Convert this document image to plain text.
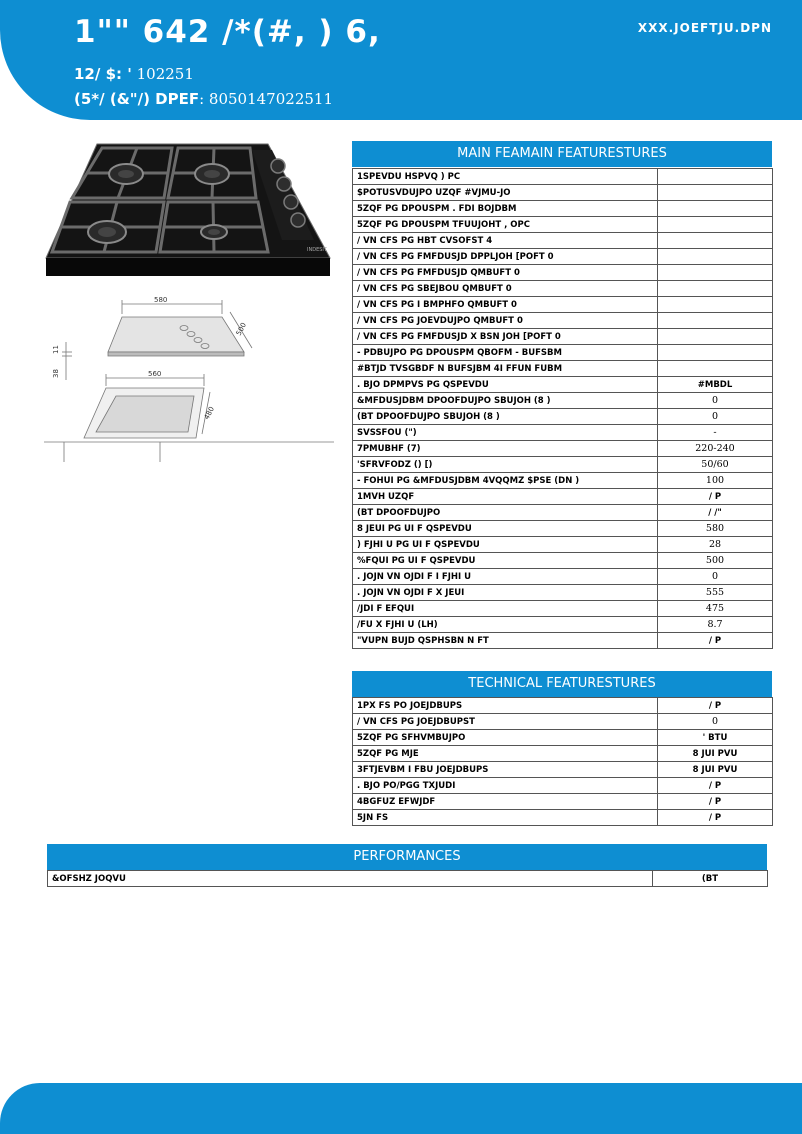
1"" 642 /*(#, ) 6,
12/ $: ' 102251
(5*/ (&"/) DPEF: 8050147022511
INDESIT
580
500
38
11
560
480
MAIN FEAMAIN FEATURESTURES
1SPEVDU HSPVQ ) PC	
$POTUSVDUJPO UZQF #VJMU-JO	
5ZQF PG DPOUSPM . FDI BOJDBM	
5ZQF PG DPOUSPM TFUUJOHT , OPC	
/ VN CFS PG HBT CVSOFST 4	
/ VN CFS PG FMFDUSJD DPPLJOH [POFT 0	
/ VN CFS PG FMFDUSJD QMBUFT 0	
/ VN CFS PG SBEJBOU QMBUFT 0	
/ VN CFS PG I BMPHFO QMBUFT 0	
/ VN CFS PG JOEVDUJPO QMBUFT 0	
/ VN CFS PG FMFDUSJD X BSN JOH [POFT 0	
- PDBUJPO PG DPOUSPM QBOFM - BUFSBM	
#BTJD TVSGBDF N BUFSJBM 4I FFUN FUBM	
. BJO DPMPVS PG QSPEVDU	#MBDL
&MFDUSJDBM DPOOFDUJPO SBUJOH (8 )	0
(BT DPOOFDUJPO SBUJOH (8 )	0
SVSSFOU (")	-
7PMUBHF (7)	220-240
'SFRVFODZ () [)	50/60
- FOHUI PG &MFDUSJDBM 4VQQMZ $PSE (DN )	100
1MVH UZQF	/ P
(BT DPOOFDUJPO	/ /"
8 JEUI PG UI F QSPEVDU	580
) FJHI U PG UI F QSPEVDU	28
%FQUI PG UI F QSPEVDU	500
. JOJN VN OJDI F I FJHI U	0
. JOJN VN OJDI F X JEUI	555
/JDI F EFQUI	475
/FU X FJHI U (LH)	8.7
"VUPN BUJD QSPHSBN N FT	/ P
TECHNICAL FEATURESTURES
1PX FS PO JOEJDBUPS	/ P
/ VN CFS PG JOEJDBUPST	0
5ZQF PG SFHVMBUJPO	' BTU
5ZQF PG MJE	8 JUI PVU
3FTJEVBM I FBU JOEJDBUPS	8 JUI PVU
. BJO PO/PGG TXJUDI	/ P
4BGFUZ EFWJDF	/ P
5JN FS	/ P
PERFORMANCES
&OFSHZ JOQVU	(BT
XXX.JOEFTJU.DPN
